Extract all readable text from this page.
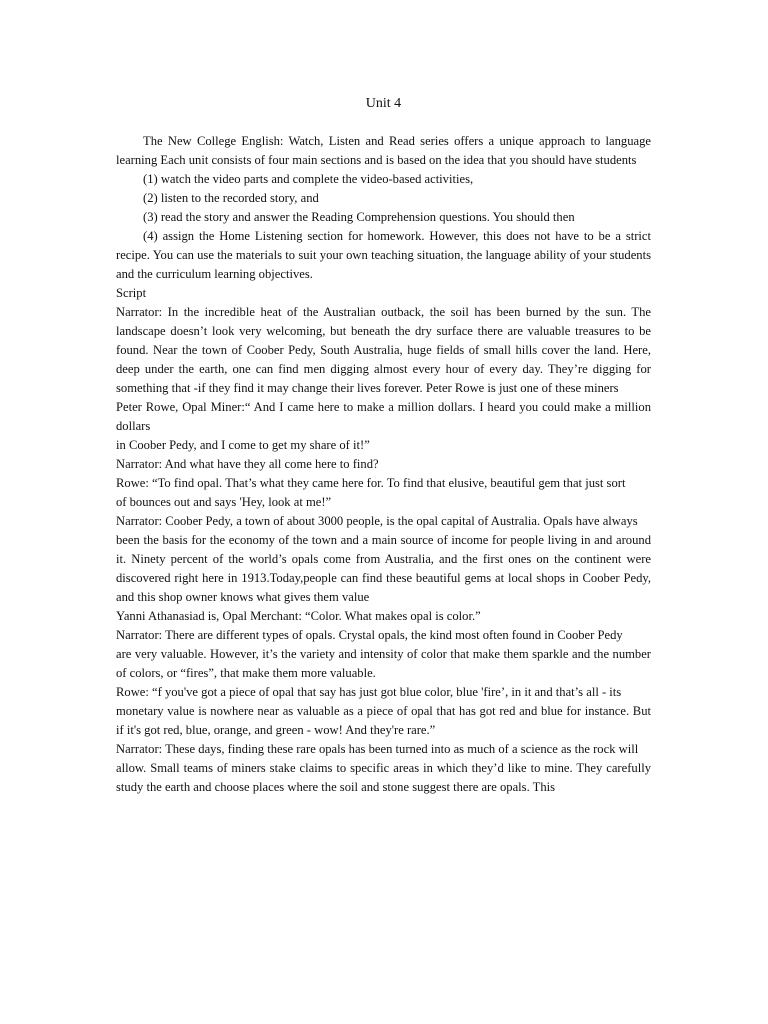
Unit 4

The New College English: Watch, Listen and Read series offers a unique approach to language learning Each unit consists of four main sections and is based on the idea that you should have students

(1) watch the video parts and complete the video-based activities,

(2) listen to the recorded story, and

(3) read the story and answer the Reading Comprehension questions. You should then

(4) assign the Home Listening section for homework. However, this does not have to be a strict recipe. You can use the materials to suit your own teaching situation, the language ability of your students and the curriculum learning objectives.

Script

Narrator: In the incredible heat of the Australian outback, the soil has been burned by the sun. The landscape doesn’t look very welcoming, but beneath the dry surface there are valuable treasures to be found. Near the town of Coober Pedy, South Australia, huge fields of small hills cover the land. Here, deep under the earth, one can find men digging almost every hour of every day. They’re digging for something that -if they find it may change their lives forever. Peter Rowe is just one of these miners

Peter Rowe, Opal Miner:“ And I came here to make a million dollars. I heard you could make a million dollars

in Coober Pedy, and I come to get my share of it!”

Narrator: And what have they all come here to find?

Rowe: “To find opal. That’s what they came here for. To find that elusive, beautiful gem that just sort

of bounces out and says 'Hey, look at me!”

Narrator: Coober Pedy, a town of about 3000 people, is the opal capital of Australia. Opals have always

been the basis for the economy of the town and a main source of income for people living in and around it. Ninety percent of the world’s opals come from Australia, and the first ones on the continent were discovered right here in 1913.Today,people can find these beautiful gems at local shops in Coober Pedy, and this shop owner knows what gives them value

Yanni Athanasiad is, Opal Merchant: “Color. What makes opal is color.”

Narrator: There are different types of opals. Crystal opals, the kind most often found in Coober Pedy

are very valuable. However, it’s the variety and intensity of color that make them sparkle and the number of colors, or “fires”, that make them more valuable.

Rowe: “f you've got a piece of opal that say has just got blue color, blue 'fire’, in it and that’s all - its

monetary value is nowhere near as valuable as a piece of opal that has got red and blue for instance. But if it's got red, blue, orange, and green - wow! And they're rare.”

Narrator: These days, finding these rare opals has been turned into as much of a science as the rock will

allow. Small teams of miners stake claims to specific areas in which they’d like to mine. They carefully study the earth and choose places where the soil and stone suggest there are opals. This
